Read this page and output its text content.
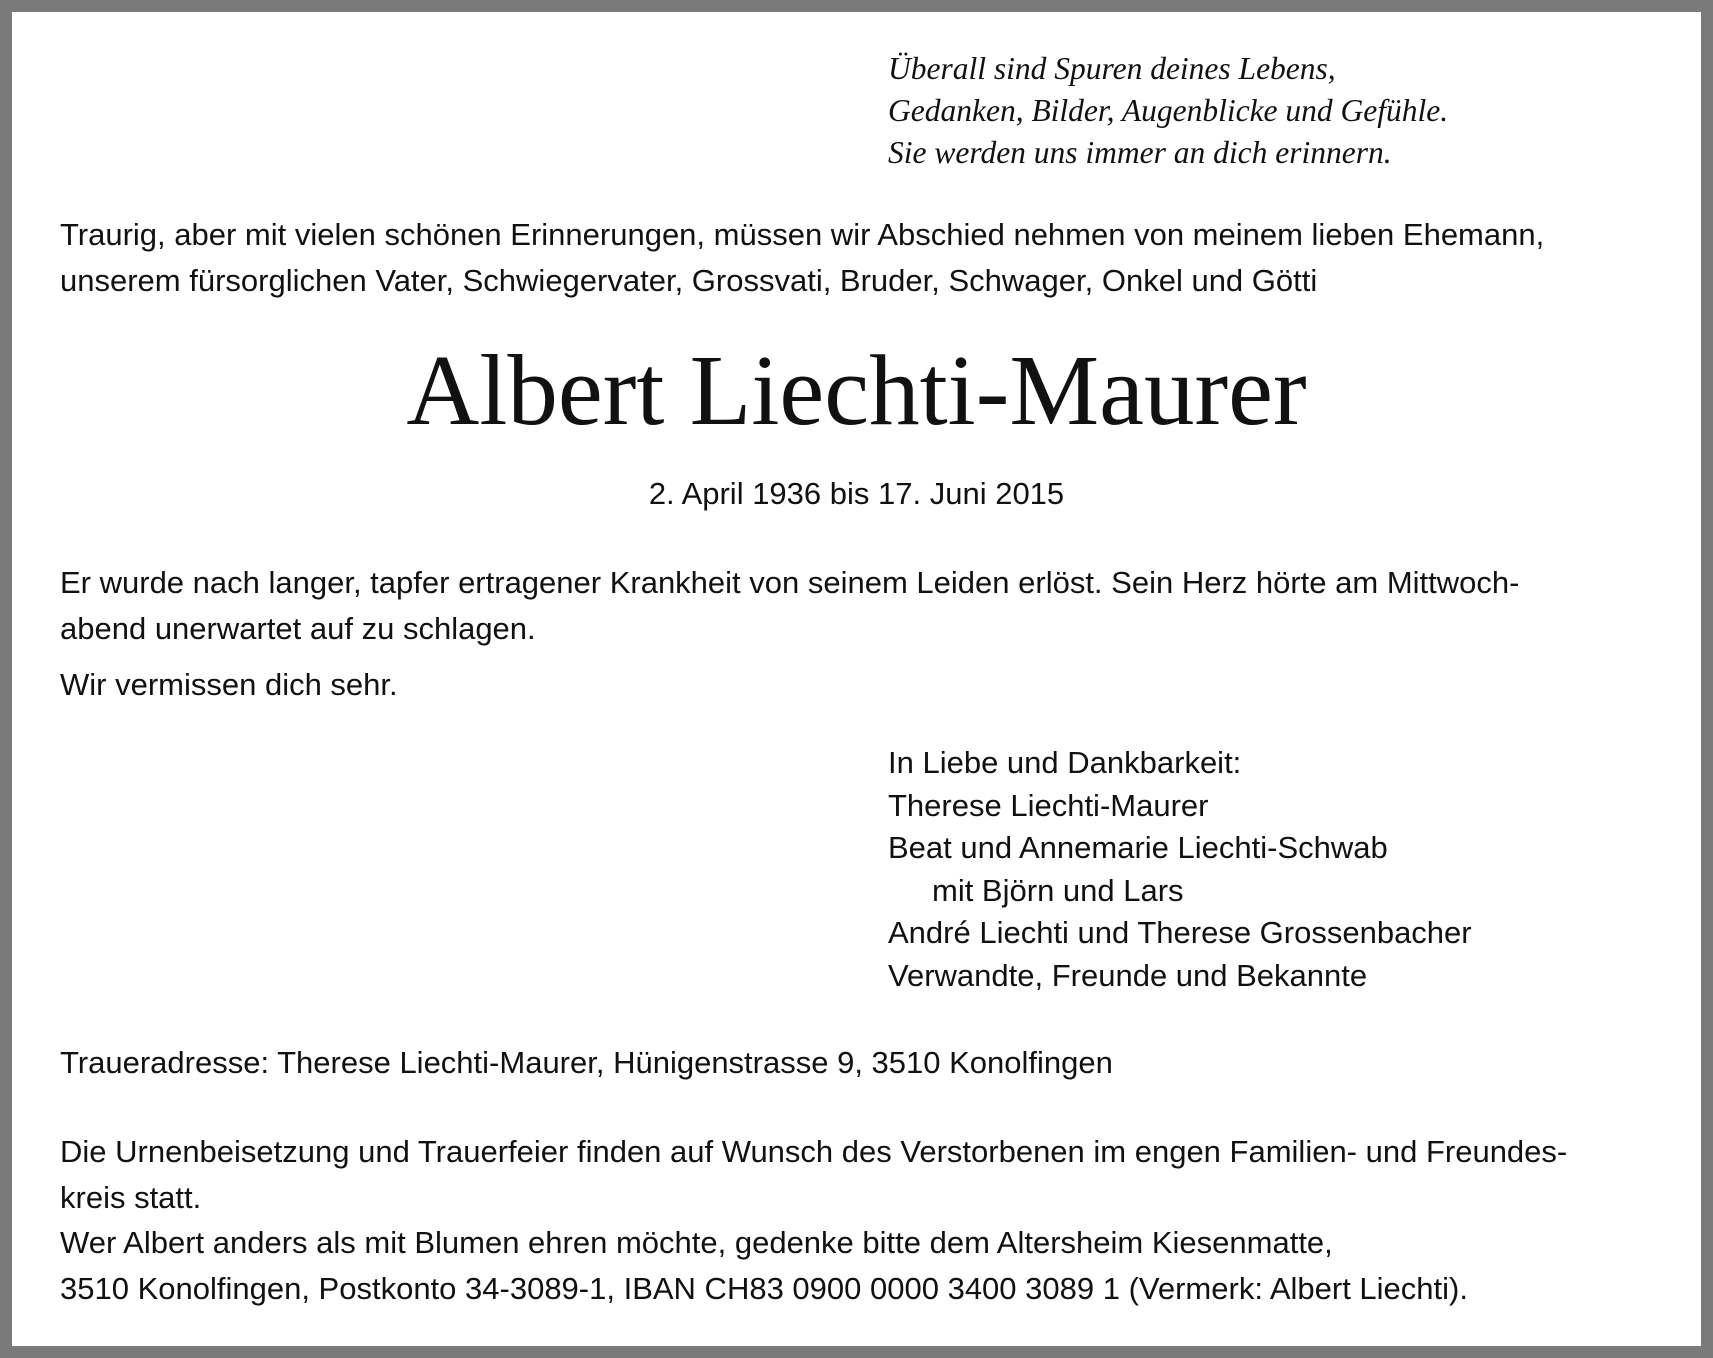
Überall sind Spuren deines Lebens,
Gedanken, Bilder, Augenblicke und Gefühle.
Sie werden uns immer an dich erinnern.
Traurig, aber mit vielen schönen Erinnerungen, müssen wir Abschied nehmen von meinem lieben Ehemann,
unserem fürsorglichen Vater, Schwiegervater, Grossvati, Bruder, Schwager, Onkel und Götti
Albert Liechti-Maurer
2. April 1936 bis 17. Juni 2015
Er wurde nach langer, tapfer ertragener Krankheit von seinem Leiden erlöst. Sein Herz hörte am Mittwoch-
abend unerwartet auf zu schlagen.
Wir vermissen dich sehr.
In Liebe und Dankbarkeit:
Therese Liechti-Maurer
Beat und Annemarie Liechti-Schwab
mit Björn und Lars
André Liechti und Therese Grossenbacher
Verwandte, Freunde und Bekannte
Traueradresse: Therese Liechti-Maurer, Hünigenstrasse 9, 3510 Konolfingen
Die Urnenbeisetzung und Trauerfeier finden auf Wunsch des Verstorbenen im engen Familien- und Freundes-
kreis statt.
Wer Albert anders als mit Blumen ehren möchte, gedenke bitte dem Altersheim Kiesenmatte,
3510 Konolfingen, Postkonto 34-3089-1, IBAN CH83 0900 0000 3400 3089 1 (Vermerk: Albert Liechti).
